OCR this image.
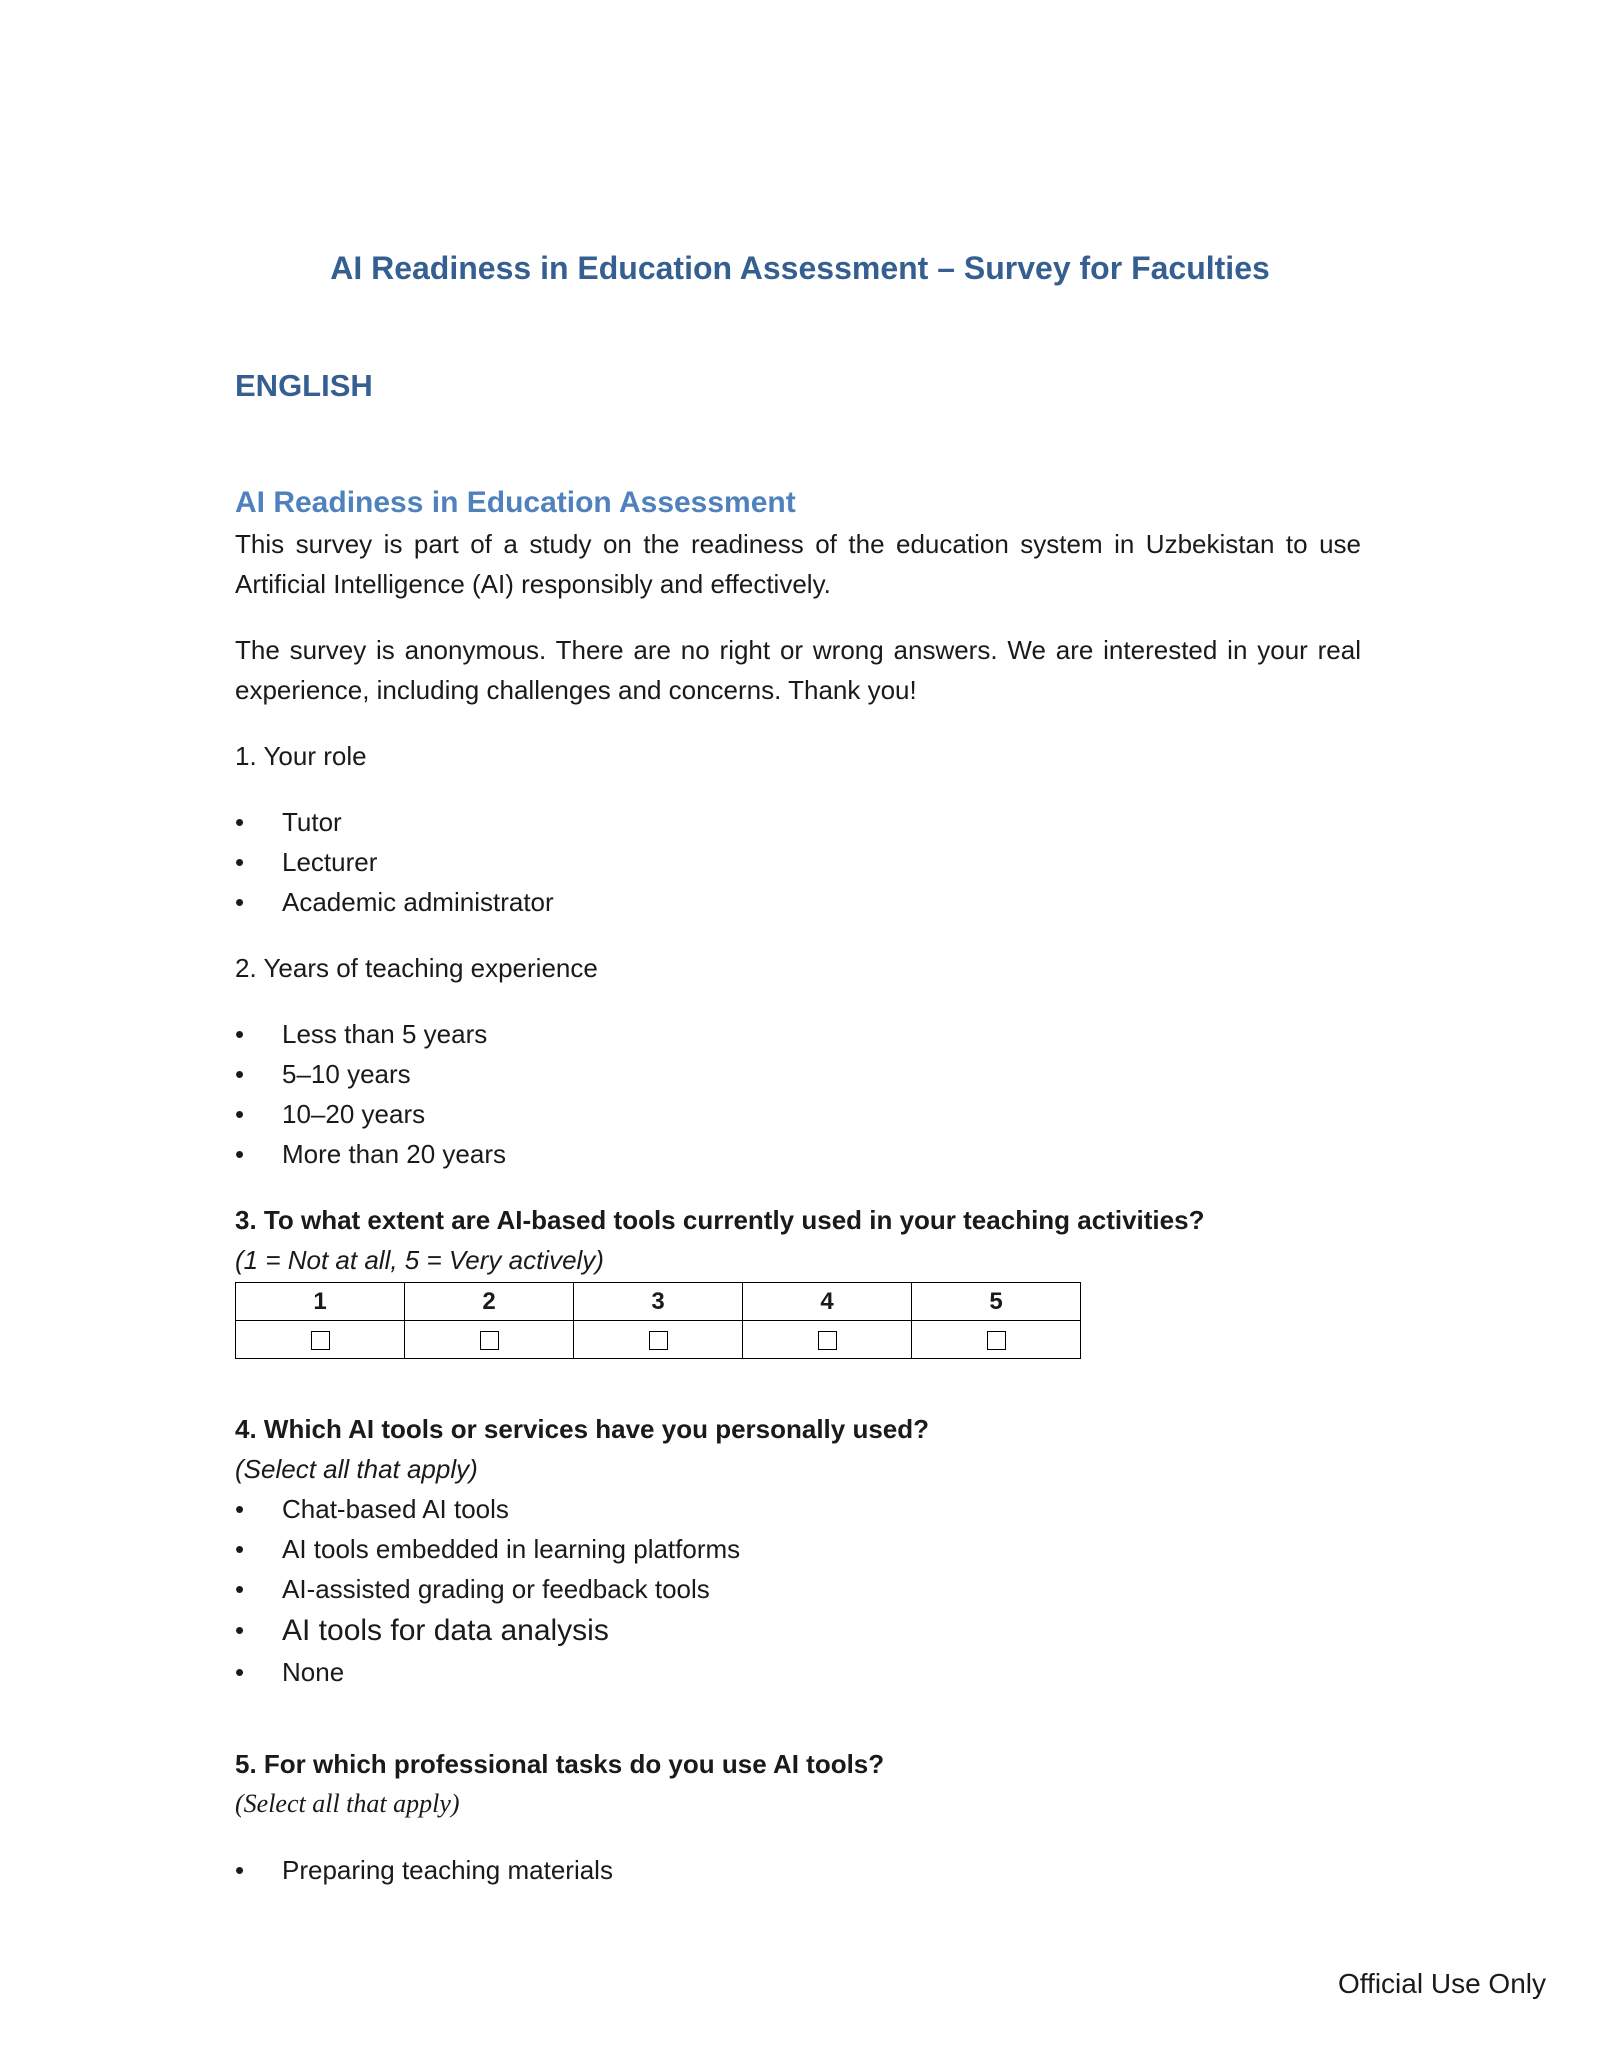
AI Readiness in Education Assessment – Survey for Faculties
ENGLISH

AI Readiness in Education Assessment

This survey is part of a study on the readiness of the education system in Uzbekistan to use Artificial Intelligence (AI) responsibly and effectively.

The survey is anonymous. There are no right or wrong answers. We are interested in your real experience, including challenges and concerns. Thank you!

1. Your role

• Tutor
• Lecturer
• Academic administrator

2. Years of teaching experience

• Less than 5 years
• 5–10 years
• 10–20 years
• More than 20 years

3. To what extent are AI-based tools currently used in your teaching activities?

(1 = Not at all, 5 = Very actively)

1	2	3	4	5

4. Which AI tools or services have you personally used?

(Select all that apply)

• Chat-based AI tools
• AI tools embedded in learning platforms
• AI-assisted grading or feedback tools
• AI tools for data analysis
• None

5. For which professional tasks do you use AI tools?

(Select all that apply)

• Preparing teaching materials
Official Use Only
